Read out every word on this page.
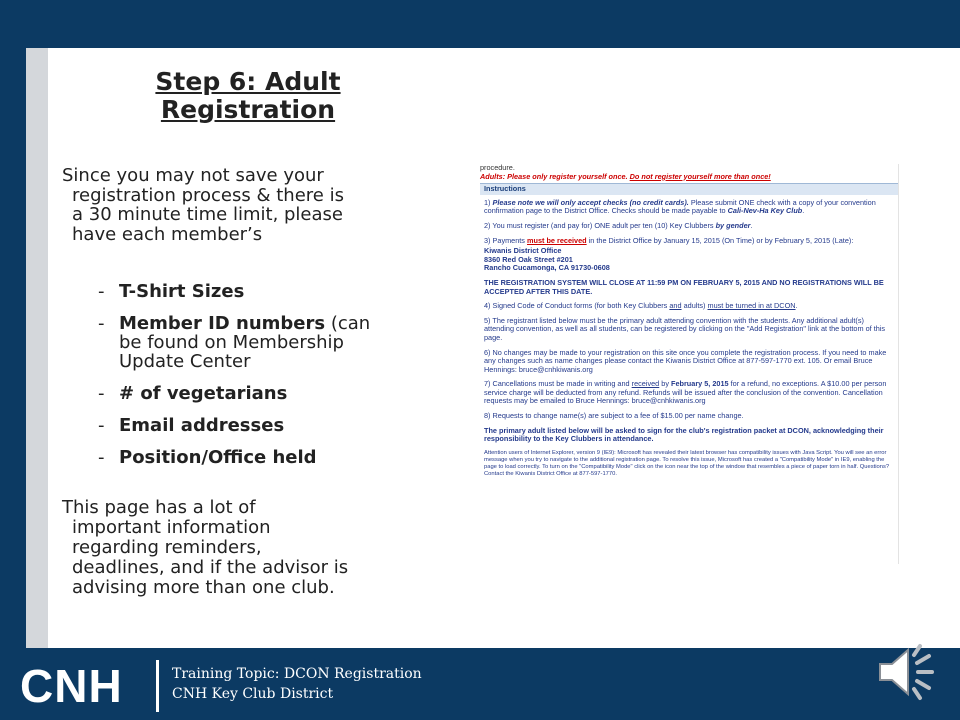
Step 6: Adult
Registration
Since you may not save your
registration process & there is
a 30 minute time limit, please
have each member’s
- T-Shirt Sizes
- Member ID numbers (can
be found on Membership
Update Center
- # of vegetarians
- Email addresses
- Position/Office held
This page has a lot of
important information
regarding reminders,
deadlines, and if the advisor is
advising more than one club.
procedure.
Adults: Please only register yourself once. Do not register yourself more than once!
Instructions

1) Please note we will only accept checks (no credit cards). Please submit ONE check with a copy of your convention confirmation page to the District Office. Checks should be made payable to Cali-Nev-Ha Key Club.

2) You must register (and pay for) ONE adult per ten (10) Key Clubbers by gender.

3) Payments must be received in the District Office by January 15, 2015 (On Time) or by February 5, 2015 (Late):

Kiwanis District Office
8360 Red Oak Street #201
Rancho Cucamonga, CA 91730-0608

THE REGISTRATION SYSTEM WILL CLOSE AT 11:59 PM ON FEBRUARY 5, 2015 AND NO REGISTRATIONS WILL BE ACCEPTED AFTER THIS DATE.

4) Signed Code of Conduct forms (for both Key Clubbers and adults) must be turned in at DCON.

5) The registrant listed below must be the primary adult attending convention with the students. Any additional adult(s) attending convention, as well as all students, can be registered by clicking on the "Add Registration" link at the bottom of this page.

6) No changes may be made to your registration on this site once you complete the registration process. If you need to make any changes such as name changes please contact the Kiwanis District Office at 877-597-1770 ext. 105. Or email Bruce Hennings: bruce@cnhkiwanis.org

7) Cancellations must be made in writing and received by February 5, 2015 for a refund, no exceptions. A $10.00 per person service charge will be deducted from any refund. Refunds will be issued after the conclusion of the convention. Cancellation requests may be emailed to Bruce Hennings: bruce@cnhkiwanis.org

8) Requests to change name(s) are subject to a fee of $15.00 per name change.

The primary adult listed below will be asked to sign for the club's registration packet at DCON, acknowledging their responsibility to the Key Clubbers in attendance.

Attention users of Internet Explorer, version 9 (IE9): Microsoft has revealed their latest browser has compatibility issues with Java Script. You will see an error message when you try to navigate to the additional registration page. To resolve this issue, Microsoft has created a "Compatibility Mode" in IE9, enabling the page to load correctly. To turn on the "Compatibility Mode" click on the icon near the top of the window that resembles a piece of paper torn in half. Questions? Contact the Kiwanis District Office at 877-597-1770.

CNH	Training Topic: DCON Registration
CNH Key Club District
